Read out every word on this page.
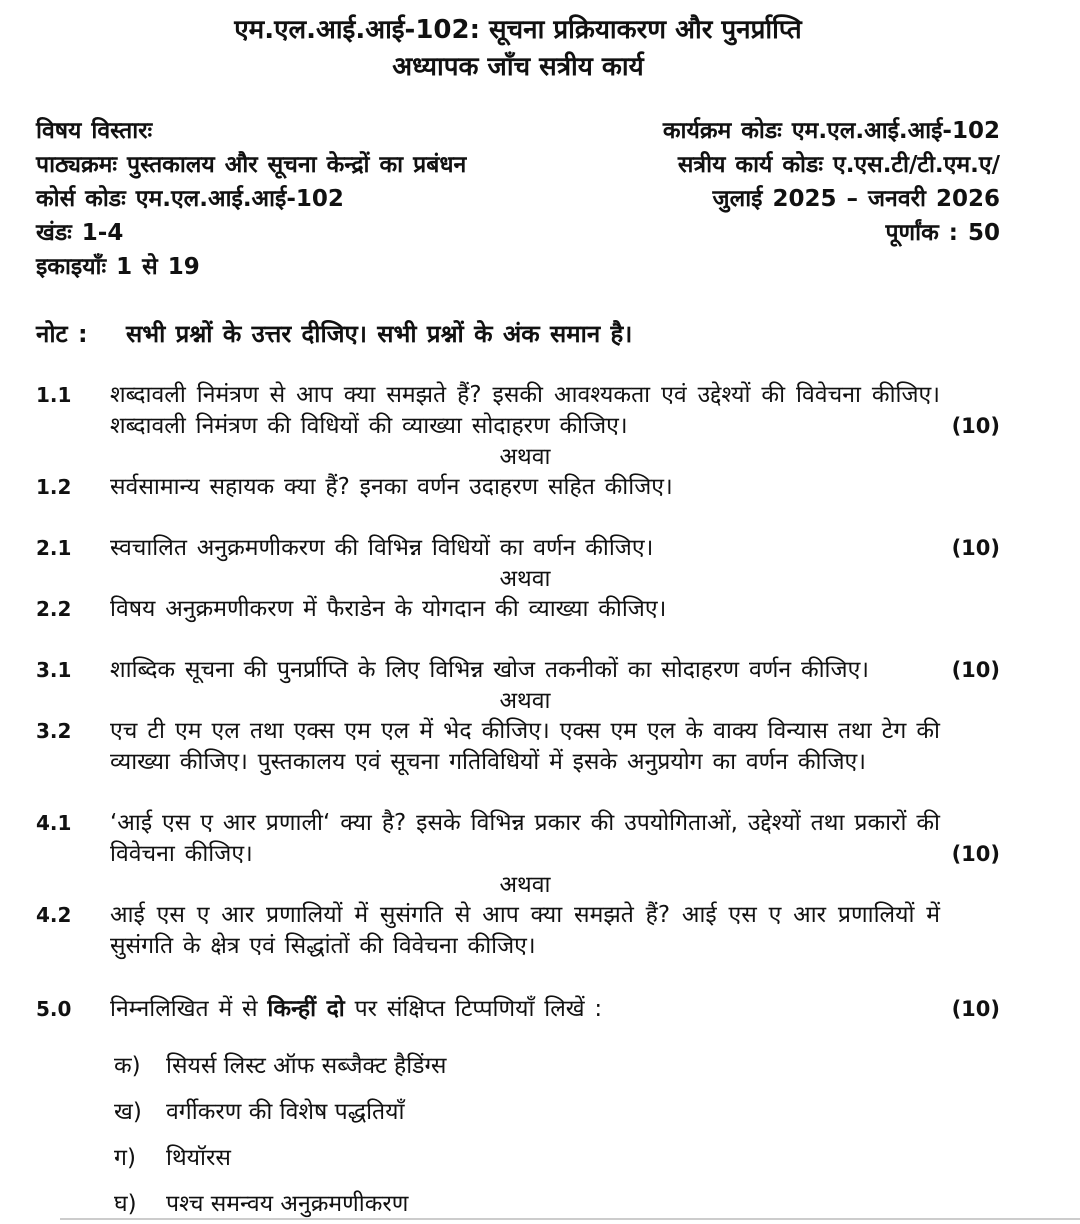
एम.एल.आई.आई-102: सूचना प्रक्रियाकरण और पुनर्प्राप्ति
अध्यापक जाँच सत्रीय कार्य
विषय विस्तारः
पाठ्यक्रमः पुस्तकालय और सूचना केन्द्रों का प्रबंधन
कोर्स कोडः एम.एल.आई.आई-102
खंडः 1-4
इकाइयाँः 1 से 19
कार्यक्रम कोडः एम.एल.आई.आई-102
सत्रीय कार्य कोडः ए.एस.टी/टी.एम.ए/
जुलाई 2025 – जनवरी 2026
पूर्णांक : 50
नोट :	सभी प्रश्नों के उत्तर दीजिए। सभी प्रश्नों के अंक समान है।
1.1	शब्दावली निमंत्रण से आप क्या समझते हैं? इसकी आवश्यकता एवं उद्देश्यों की विवेचना कीजिए। शब्दावली निमंत्रण की विधियों की व्याख्या सोदाहरण कीजिए।	(10)
अथवा
1.2	सर्वसामान्य सहायक क्या हैं? इनका वर्णन उदाहरण सहित कीजिए।
2.1	स्वचालित अनुक्रमणीकरण की विभिन्न विधियों का वर्णन कीजिए।	(10)
अथवा
2.2	विषय अनुक्रमणीकरण में फैराडेन के योगदान की व्याख्या कीजिए।
3.1	शाब्दिक सूचना की पुनर्प्राप्ति के लिए विभिन्न खोज तकनीकों का सोदाहरण वर्णन कीजिए।	(10)
अथवा
3.2	एच टी एम एल तथा एक्स एम एल में भेद कीजिए। एक्स एम एल के वाक्य विन्यास तथा टेग की व्याख्या कीजिए। पुस्तकालय एवं सूचना गतिविधियों में इसके अनुप्रयोग का वर्णन कीजिए।
4.1	‘आई एस ए आर प्रणाली‘ क्या है? इसके विभिन्न प्रकार की उपयोगिताओं, उद्देश्यों तथा प्रकारों की विवेचना कीजिए।	(10)
अथवा
4.2	आई एस ए आर प्रणालियों में सुसंगति से आप क्या समझते हैं? आई एस ए आर प्रणालियों में सुसंगति के क्षेत्र एवं सिद्धांतों की विवेचना कीजिए।
5.0	निम्नलिखित में से किन्हीं दो पर संक्षिप्त टिप्पणियाँ लिखें :	(10)
क)	सियर्स लिस्ट ऑफ सब्जैक्ट हैडिंग्स
ख)	वर्गीकरण की विशेष पद्धतियाँ
ग)	थियॉरस
घ)	पश्च समन्वय अनुक्रमणीकरण
